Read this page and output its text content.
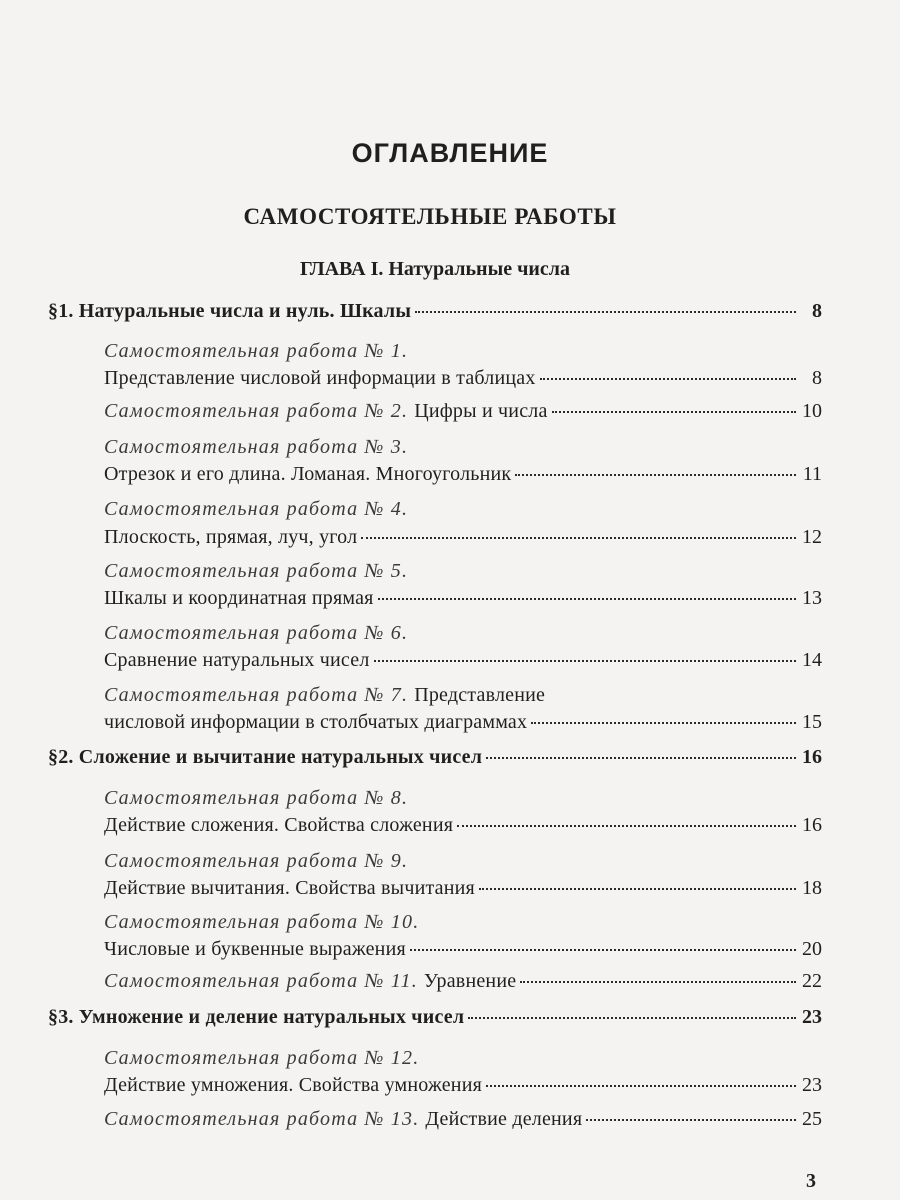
ОГЛАВЛЕНИЕ
САМОСТОЯТЕЛЬНЫЕ РАБОТЫ
ГЛАВА I. Натуральные числа
§1. Натуральные числа и нуль. Шкалы	8
Самостоятельная работа № 1.
Представление числовой информации в таблицах	8
Самостоятельная работа № 2. Цифры и числа	10
Самостоятельная работа № 3.
Отрезок и его длина. Ломаная. Многоугольник	11
Самостоятельная работа № 4.
Плоскость, прямая, луч, угол	12
Самостоятельная работа № 5.
Шкалы и координатная прямая	13
Самостоятельная работа № 6.
Сравнение натуральных чисел	14
Самостоятельная работа № 7. Представление
числовой информации в столбчатых диаграммах	15
§2. Сложение и вычитание натуральных чисел	16
Самостоятельная работа № 8.
Действие сложения. Свойства сложения	16
Самостоятельная работа № 9.
Действие вычитания. Свойства вычитания	18
Самостоятельная работа № 10.
Числовые и буквенные выражения	20
Самостоятельная работа № 11. Уравнение	22
§3. Умножение и деление натуральных чисел	23
Самостоятельная работа № 12.
Действие умножения. Свойства умножения	23
Самостоятельная работа № 13. Действие деления	25
3
